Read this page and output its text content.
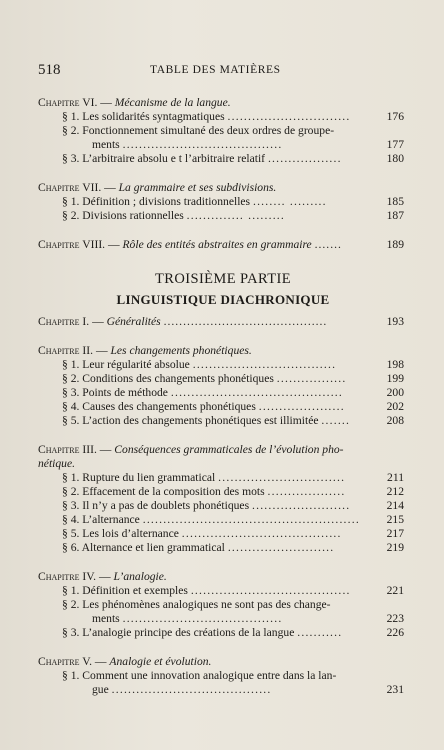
518	TABLE DES MATIÈRES
Chapitre VI. — Mécanisme de la langue.
§ 1. Les solidarités syntagmatiques ..............................	176
§ 2. Fonctionnement simultané des deux ordres de groupe-
ments .......................................	177
§ 3. L’arbitraire absolu e t l’arbitraire relatif ..................	180
Chapitre VII. — La grammaire et ses subdivisions.
§ 1. Définition ; divisions traditionnelles ........ .........	185
§ 2. Divisions rationnelles .............. .........	187
Chapitre VIII. — Rôle des entités abstraites en grammaire .......	189
TROISIÈME PARTIE
LINGUISTIQUE DIACHRONIQUE
Chapitre I. — Généralités ..........................................	193
Chapitre II. — Les changements phonétiques.
§ 1. Leur régularité absolue ...................................	198
§ 2. Conditions des changements phonétiques .................	199
§ 3. Points de méthode ..........................................	200
§ 4. Causes des changements phonétiques .....................	202
§ 5. L’action des changements phonétiques est illimitée .......	208
Chapitre III. — Conséquences grammaticales de l’évolution pho-
nétique.
§ 1. Rupture du lien grammatical ...............................	211
§ 2. Effacement de la composition des mots ...................	212
§ 3. Il n’y a pas de doublets phonétiques ........................	214
§ 4. L’alternance ..................................................... 215
§ 5. Les lois d’alternance .......................................	217
§ 6. Alternance et lien grammatical ..........................	219
Chapitre IV. — L’analogie.
§ 1. Définition et exemples .......................................	221
§ 2. Les phénomènes analogiques ne sont pas des change-
ments .......................................	223
§ 3. L’analogie principe des créations de la langue ...........	226
Chapitre V. — Analogie et évolution.
§ 1. Comment une innovation analogique entre dans la lan-
gue .......................................	231
